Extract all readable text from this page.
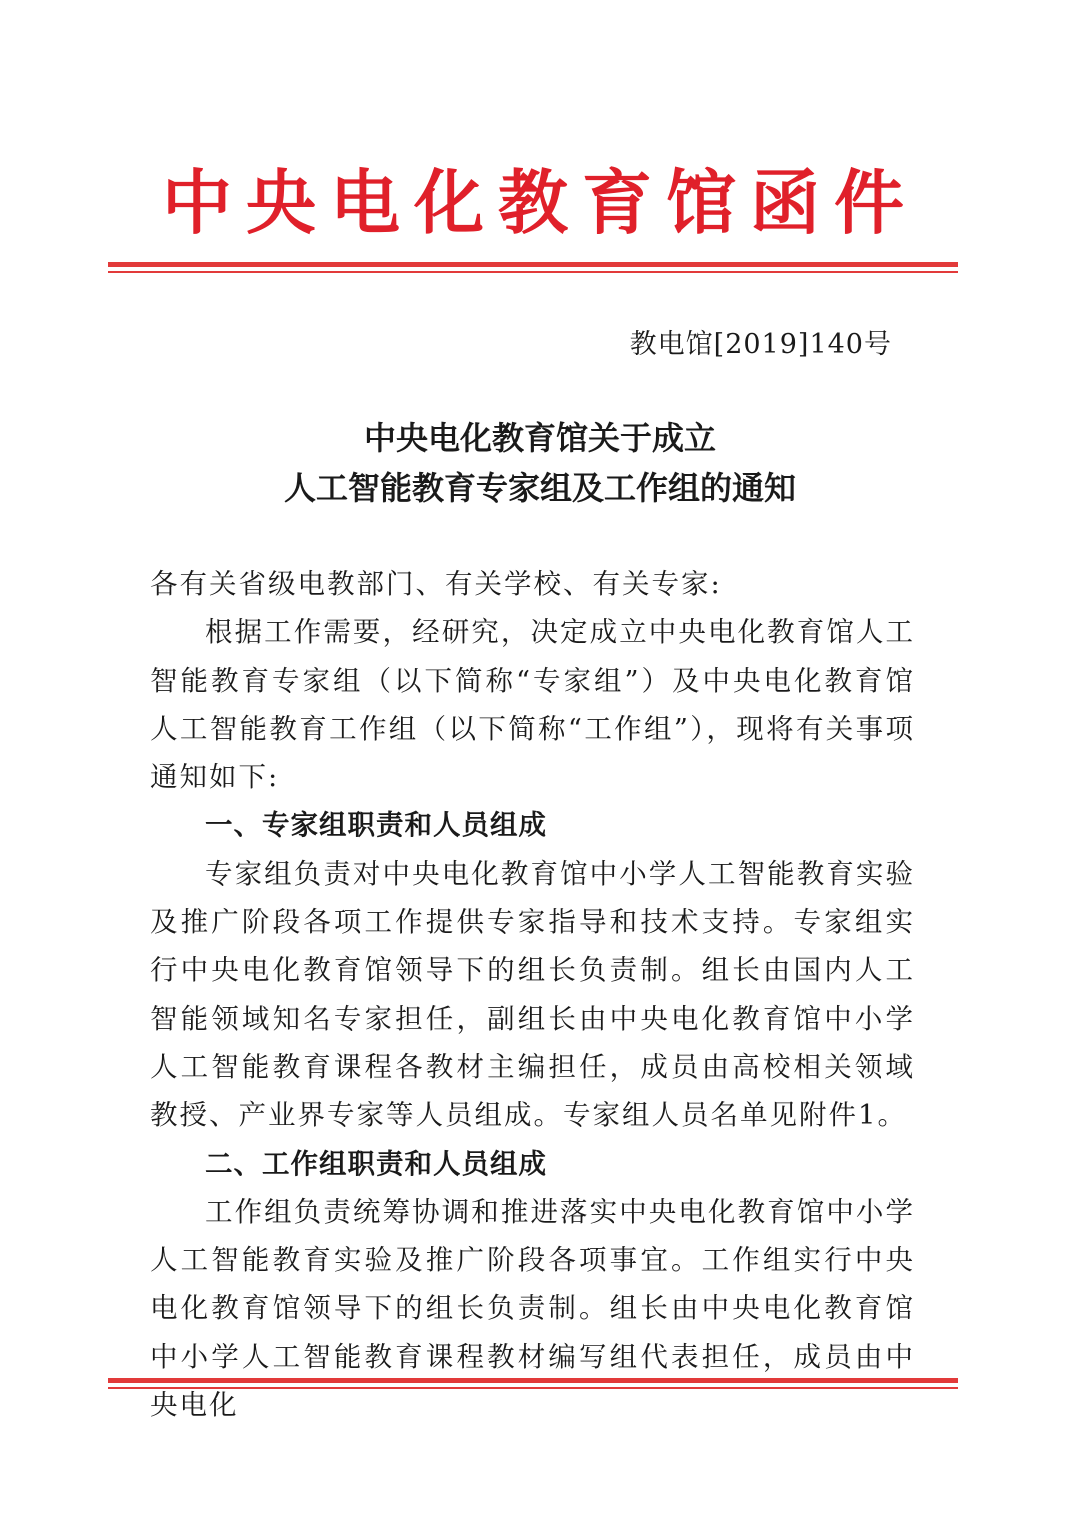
中央电化教育馆函件
教电馆[2019]140号
中央电化教育馆关于成立
人工智能教育专家组及工作组的通知

各有关省级电教部门、有关学校、有关专家:

根据工作需要，经研究，决定成立中央电化教育馆人工智能教育专家组（以下简称“专家组”）及中央电化教育馆人工智能教育工作组（以下简称“工作组”），现将有关事项通知如下:

一、专家组职责和人员组成

专家组负责对中央电化教育馆中小学人工智能教育实验及推广阶段各项工作提供专家指导和技术支持。专家组实行中央电化教育馆领导下的组长负责制。组长由国内人工智能领域知名专家担任，副组长由中央电化教育馆中小学人工智能教育课程各教材主编担任，成员由高校相关领域教授、产业界专家等人员组成。专家组人员名单见附件1。

二、工作组职责和人员组成

工作组负责统筹协调和推进落实中央电化教育馆中小学人工智能教育实验及推广阶段各项事宜。工作组实行中央电化教育馆领导下的组长负责制。组长由中央电化教育馆中小学人工智能教育课程教材编写组代表担任，成员由中央电化
